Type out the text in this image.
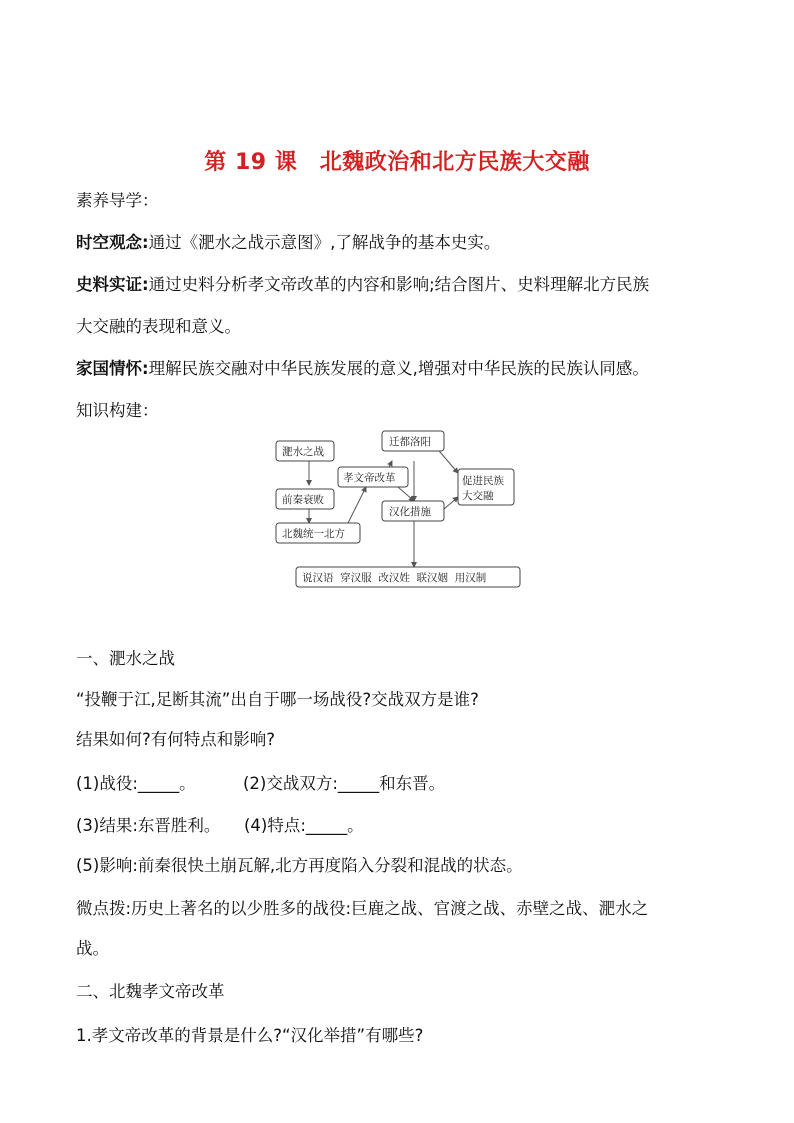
第 19 课　北魏政治和北方民族大交融
素养导学：
时空观念:通过《淝水之战示意图》,了解战争的基本史实。
史料实证:通过史料分析孝文帝改革的内容和影响;结合图片、史料理解北方民族
大交融的表现和意义。
家国情怀:理解民族交融对中华民族发展的意义,增强对中华民族的民族认同感。
知识构建：
淝水之战
前秦衰败
北魏统一北方
孝文帝改革
迁都洛阳
汉化措施
促进民族
大交融
说汉语  穿汉服  改汉姓  联汉姻  用汉制
一、淝水之战
“投鞭于江,足断其流”出自于哪一场战役?交战双方是谁?
结果如何?有何特点和影响?
(1)战役:_____。	(2)交战双方:_____和东晋。
(3)结果:东晋胜利。 (4)特点:_____。
(5)影响:前秦很快土崩瓦解,北方再度陷入分裂和混战的状态。
微点拨:历史上著名的以少胜多的战役:巨鹿之战、官渡之战、赤壁之战、淝水之
战。
二、北魏孝文帝改革
1.孝文帝改革的背景是什么?“汉化举措”有哪些?
